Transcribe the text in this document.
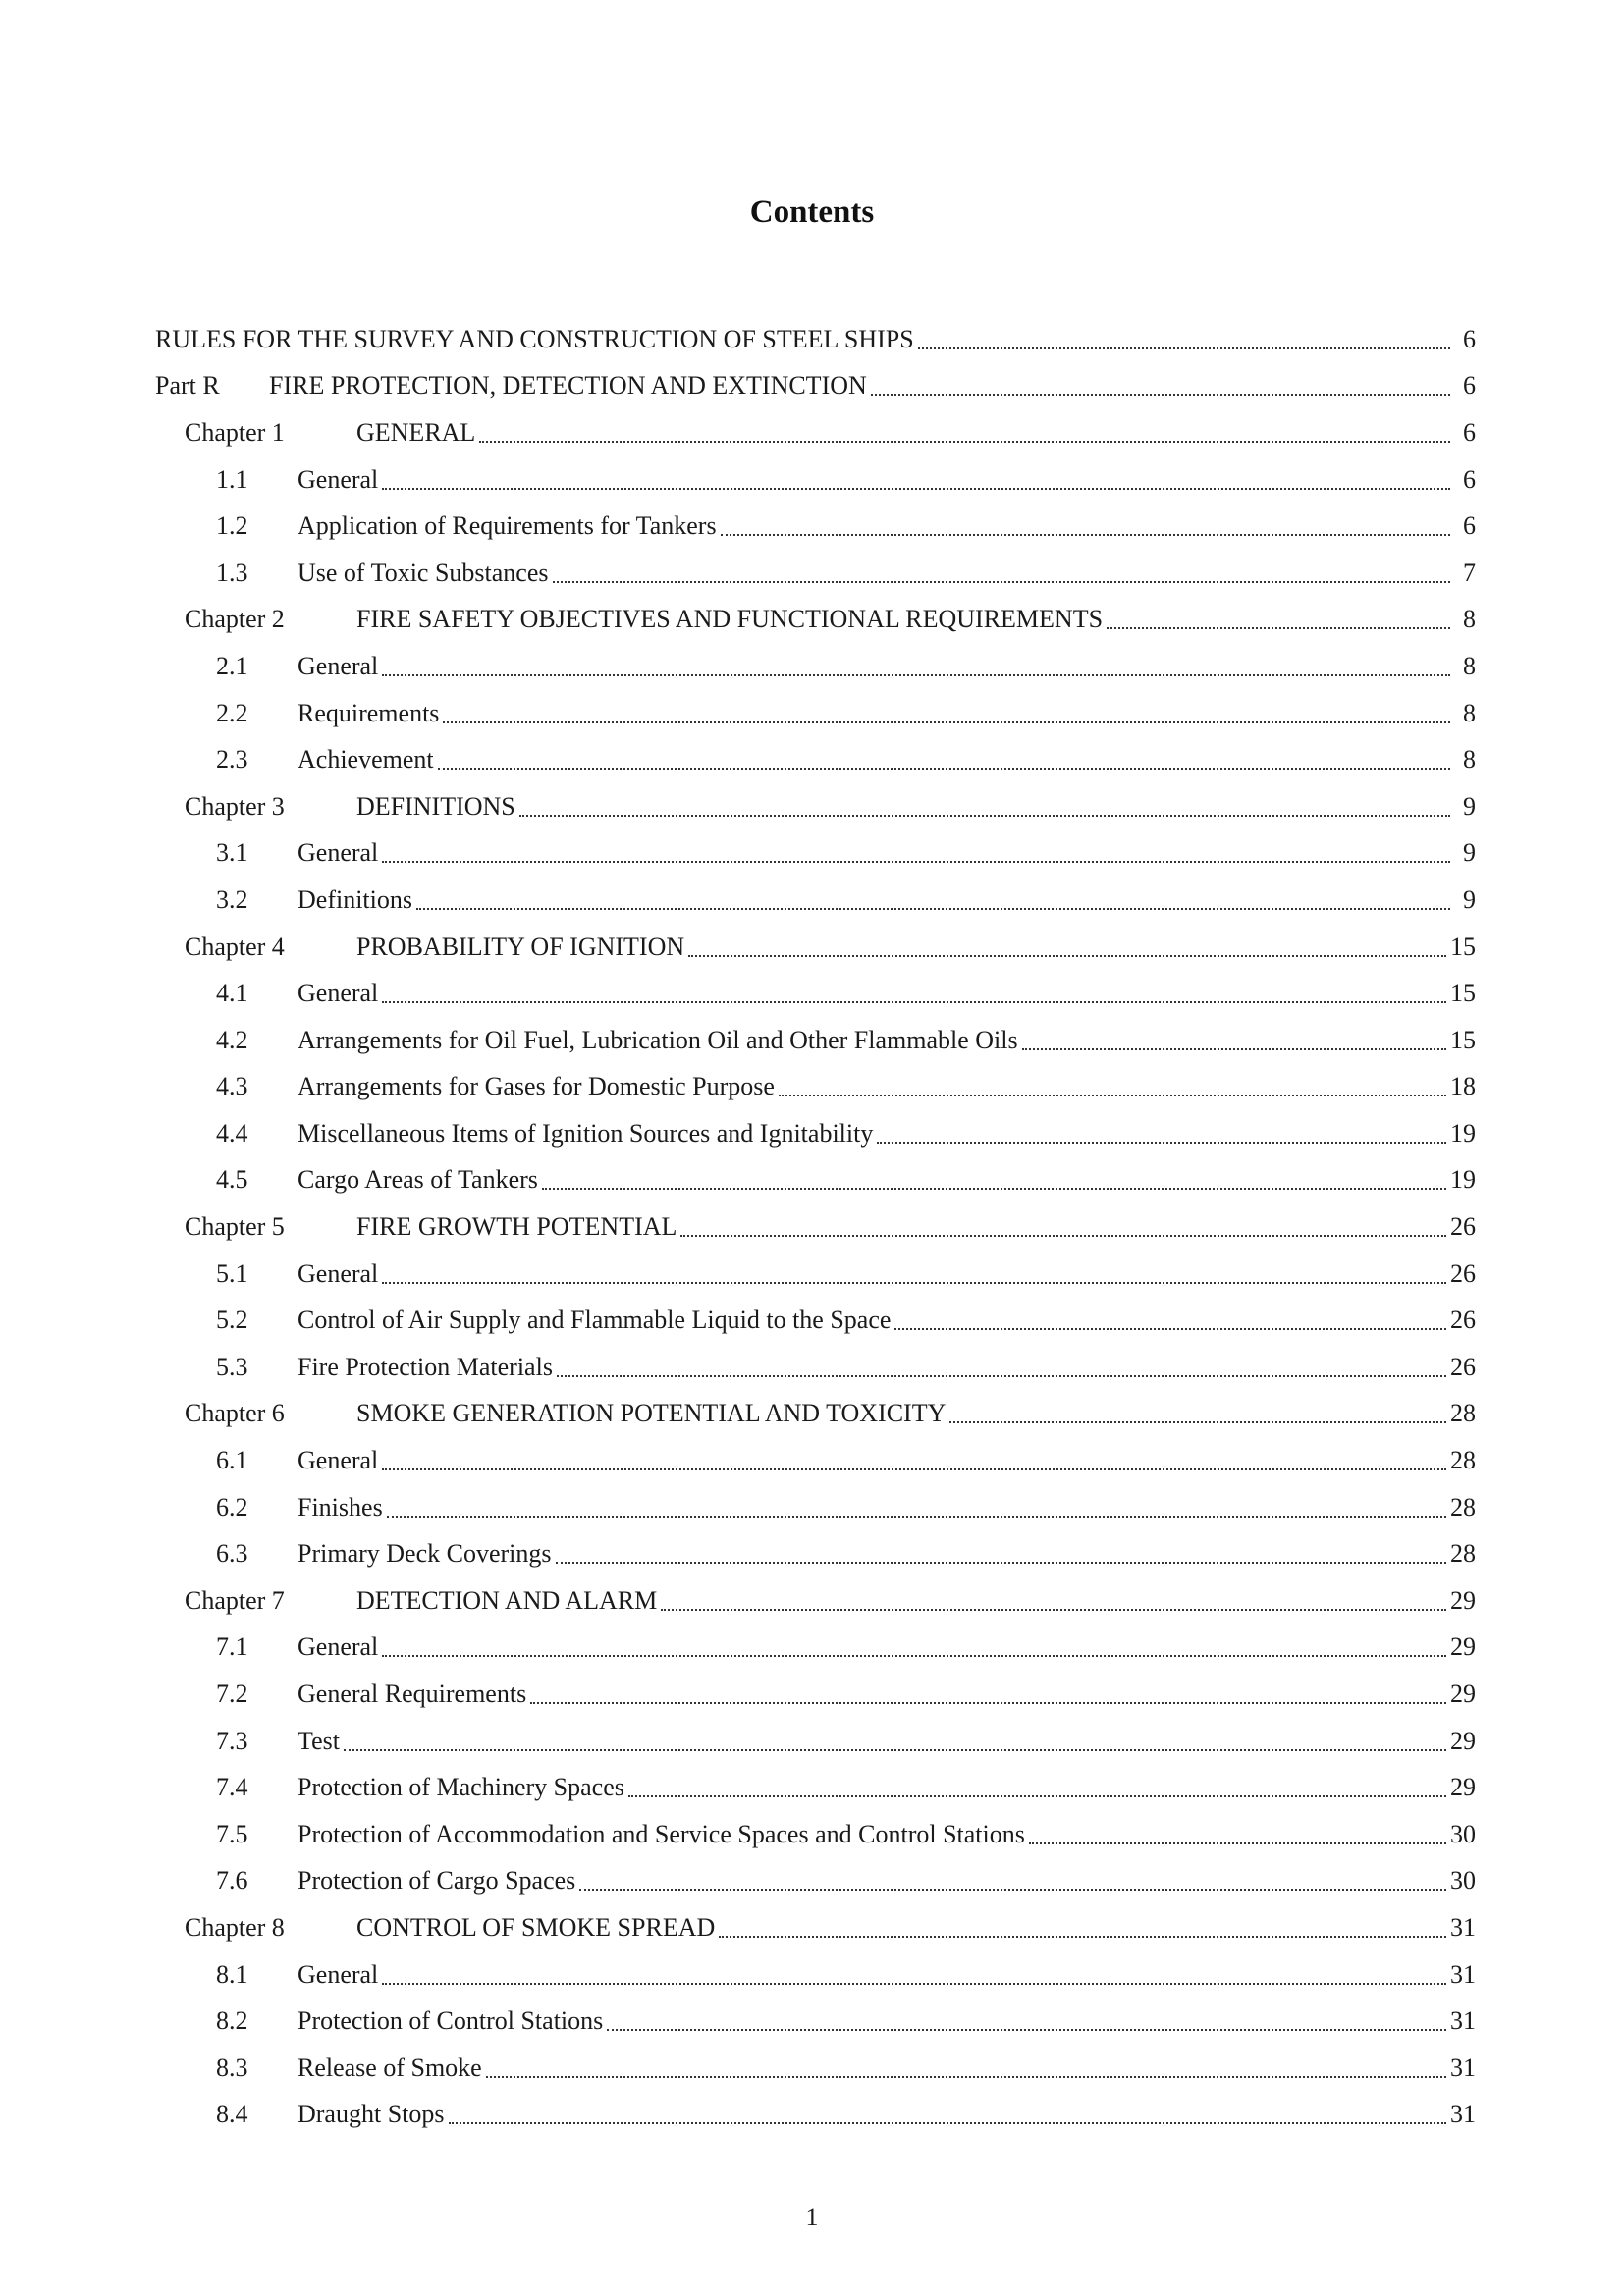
Contents
RULES FOR THE SURVEY AND CONSTRUCTION OF STEEL SHIPS	6
Part R	FIRE PROTECTION, DETECTION AND EXTINCTION	6
Chapter 1	GENERAL	6
1.1	General	6
1.2	Application of Requirements for Tankers	6
1.3	Use of Toxic Substances	7
Chapter 2	FIRE SAFETY OBJECTIVES AND FUNCTIONAL REQUIREMENTS	8
2.1	General	8
2.2	Requirements	8
2.3	Achievement	8
Chapter 3	DEFINITIONS	9
3.1	General	9
3.2	Definitions	9
Chapter 4	PROBABILITY OF IGNITION	15
4.1	General	15
4.2	Arrangements for Oil Fuel, Lubrication Oil and Other Flammable Oils	15
4.3	Arrangements for Gases for Domestic Purpose	18
4.4	Miscellaneous Items of Ignition Sources and Ignitability	19
4.5	Cargo Areas of Tankers	19
Chapter 5	FIRE GROWTH POTENTIAL	26
5.1	General	26
5.2	Control of Air Supply and Flammable Liquid to the Space	26
5.3	Fire Protection Materials	26
Chapter 6	SMOKE GENERATION POTENTIAL AND TOXICITY	28
6.1	General	28
6.2	Finishes	28
6.3	Primary Deck Coverings	28
Chapter 7	DETECTION AND ALARM	29
7.1	General	29
7.2	General Requirements	29
7.3	Test	29
7.4	Protection of Machinery Spaces	29
7.5	Protection of Accommodation and Service Spaces and Control Stations	30
7.6	Protection of Cargo Spaces	30
Chapter 8	CONTROL OF SMOKE SPREAD	31
8.1	General	31
8.2	Protection of Control Stations	31
8.3	Release of Smoke	31
8.4	Draught Stops	31
1
